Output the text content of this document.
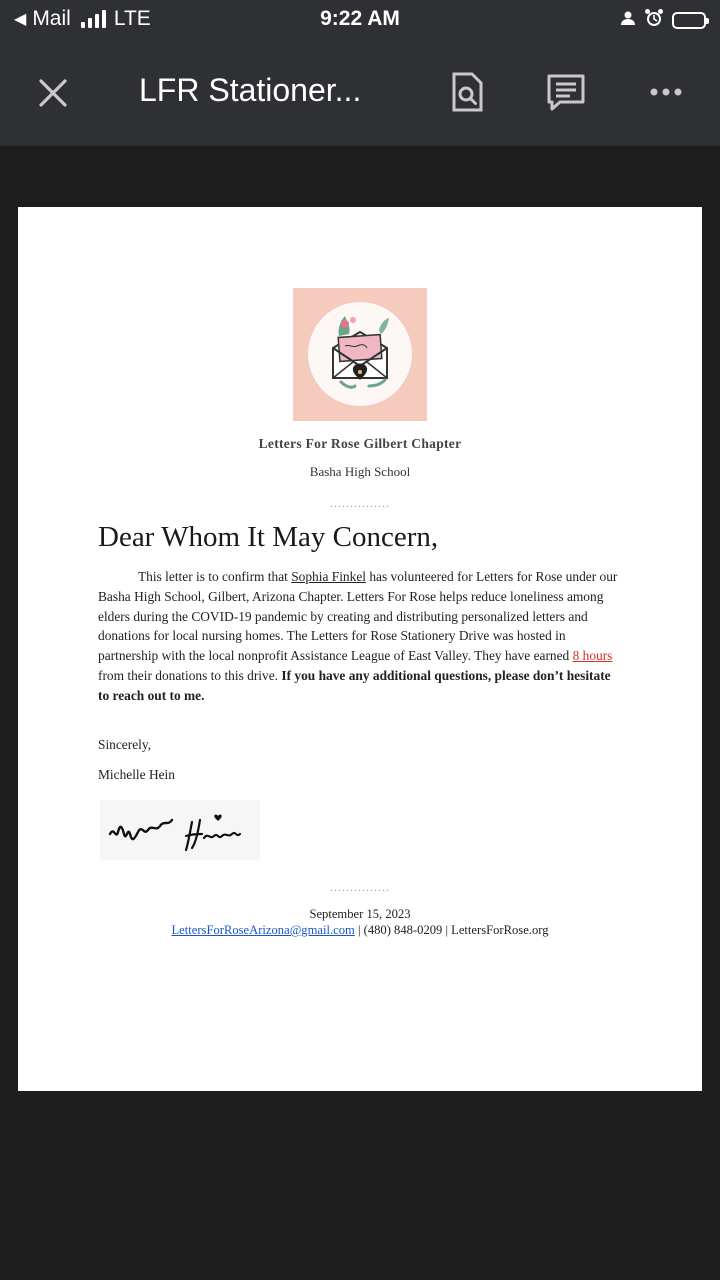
◀ Mail LTE	9:22 AM
LFR Stationer...
Letters For Rose Gilbert Chapter
Basha High School
...............
Dear Whom It May Concern,
This letter is to confirm that Sophia Finkel has volunteered for Letters for Rose under our Basha High School, Gilbert, Arizona Chapter. Letters For Rose helps reduce loneliness among elders during the COVID-19 pandemic by creating and distributing personalized letters and donations for local nursing homes. The Letters for Rose Stationery Drive was hosted in partnership with the local nonprofit Assistance League of East Valley. They have earned 8 hours from their donations to this drive. If you have any additional questions, please don’t hesitate to reach out to me.
Sincerely,
Michelle Hein
...............
September 15, 2023
LettersForRoseArizona@gmail.com | (480) 848-0209 | LettersForRose.org
